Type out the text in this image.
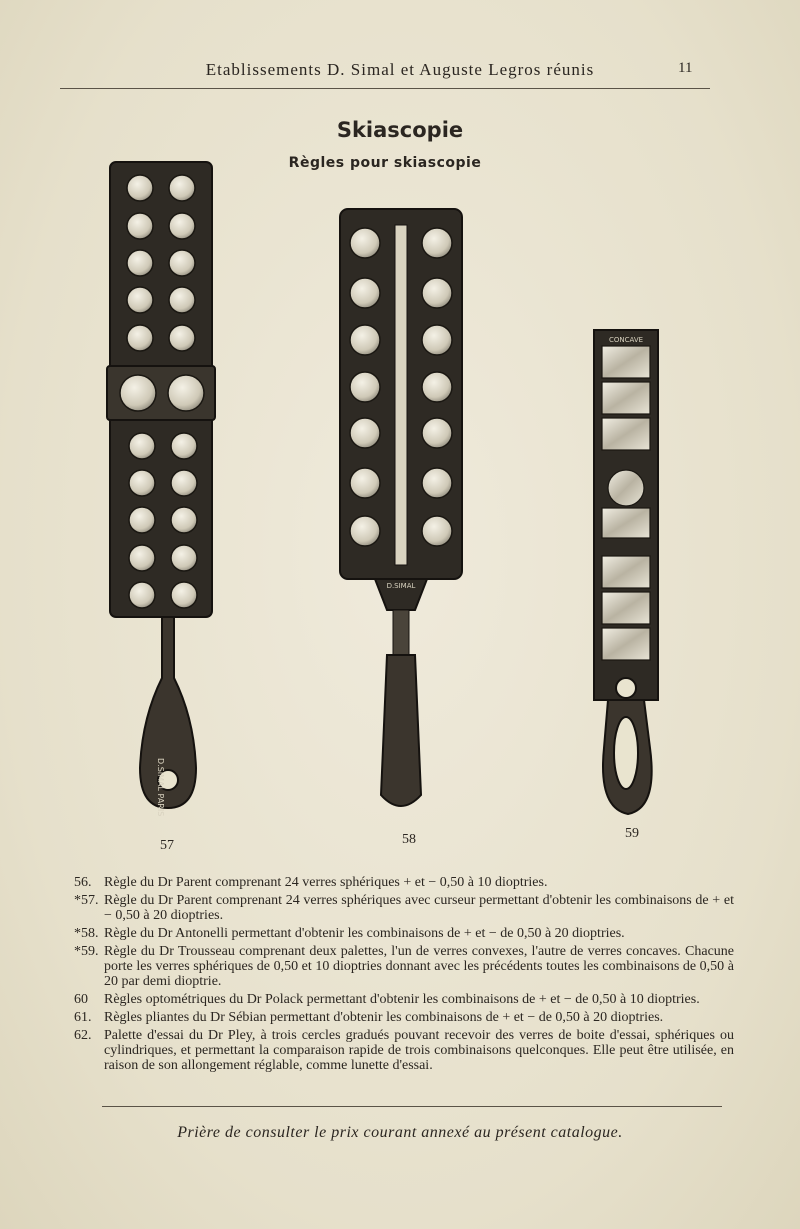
Etablissements D. Simal et Auguste Legros réunis	11
Skiascopie
Règles pour skiascopie
D.SIMAL PARIS
57
D.SIMAL
58
CONCAVE
59
56. Règle du Dr Parent comprenant 24 verres sphériques + et − 0,50 à 10 dioptries.
*57. Règle du Dr Parent comprenant 24 verres sphériques avec curseur permettant d'obtenir les combinaisons de + et − 0,50 à 20 dioptries.
*58. Règle du Dr Antonelli permettant d'obtenir les combinaisons de + et − de 0,50 à 20 dioptries.
*59. Règle du Dr Trousseau comprenant deux palettes, l'un de verres convexes, l'autre de verres concaves. Chacune porte les verres sphériques de 0,50 et 10 dioptries donnant avec les précédents toutes les combinaisons de 0,50 à 20 par demi dioptrie.
60	Règles optométriques du Dr Polack permettant d'obtenir les combinaisons de + et − de 0,50 à 10 dioptries.
61. Règles pliantes du Dr Sébian permettant d'obtenir les combinaisons de + et − de 0,50 à 20 dioptries.
62. Palette d'essai du Dr Pley, à trois cercles gradués pouvant recevoir des verres de boite d'essai, sphériques ou cylindriques, et permettant la comparaison rapide de trois combinaisons quelconques. Elle peut être utilisée, en raison de son allongement réglable, comme lunette d'essai.
Prière de consulter le prix courant annexé au présent catalogue.
